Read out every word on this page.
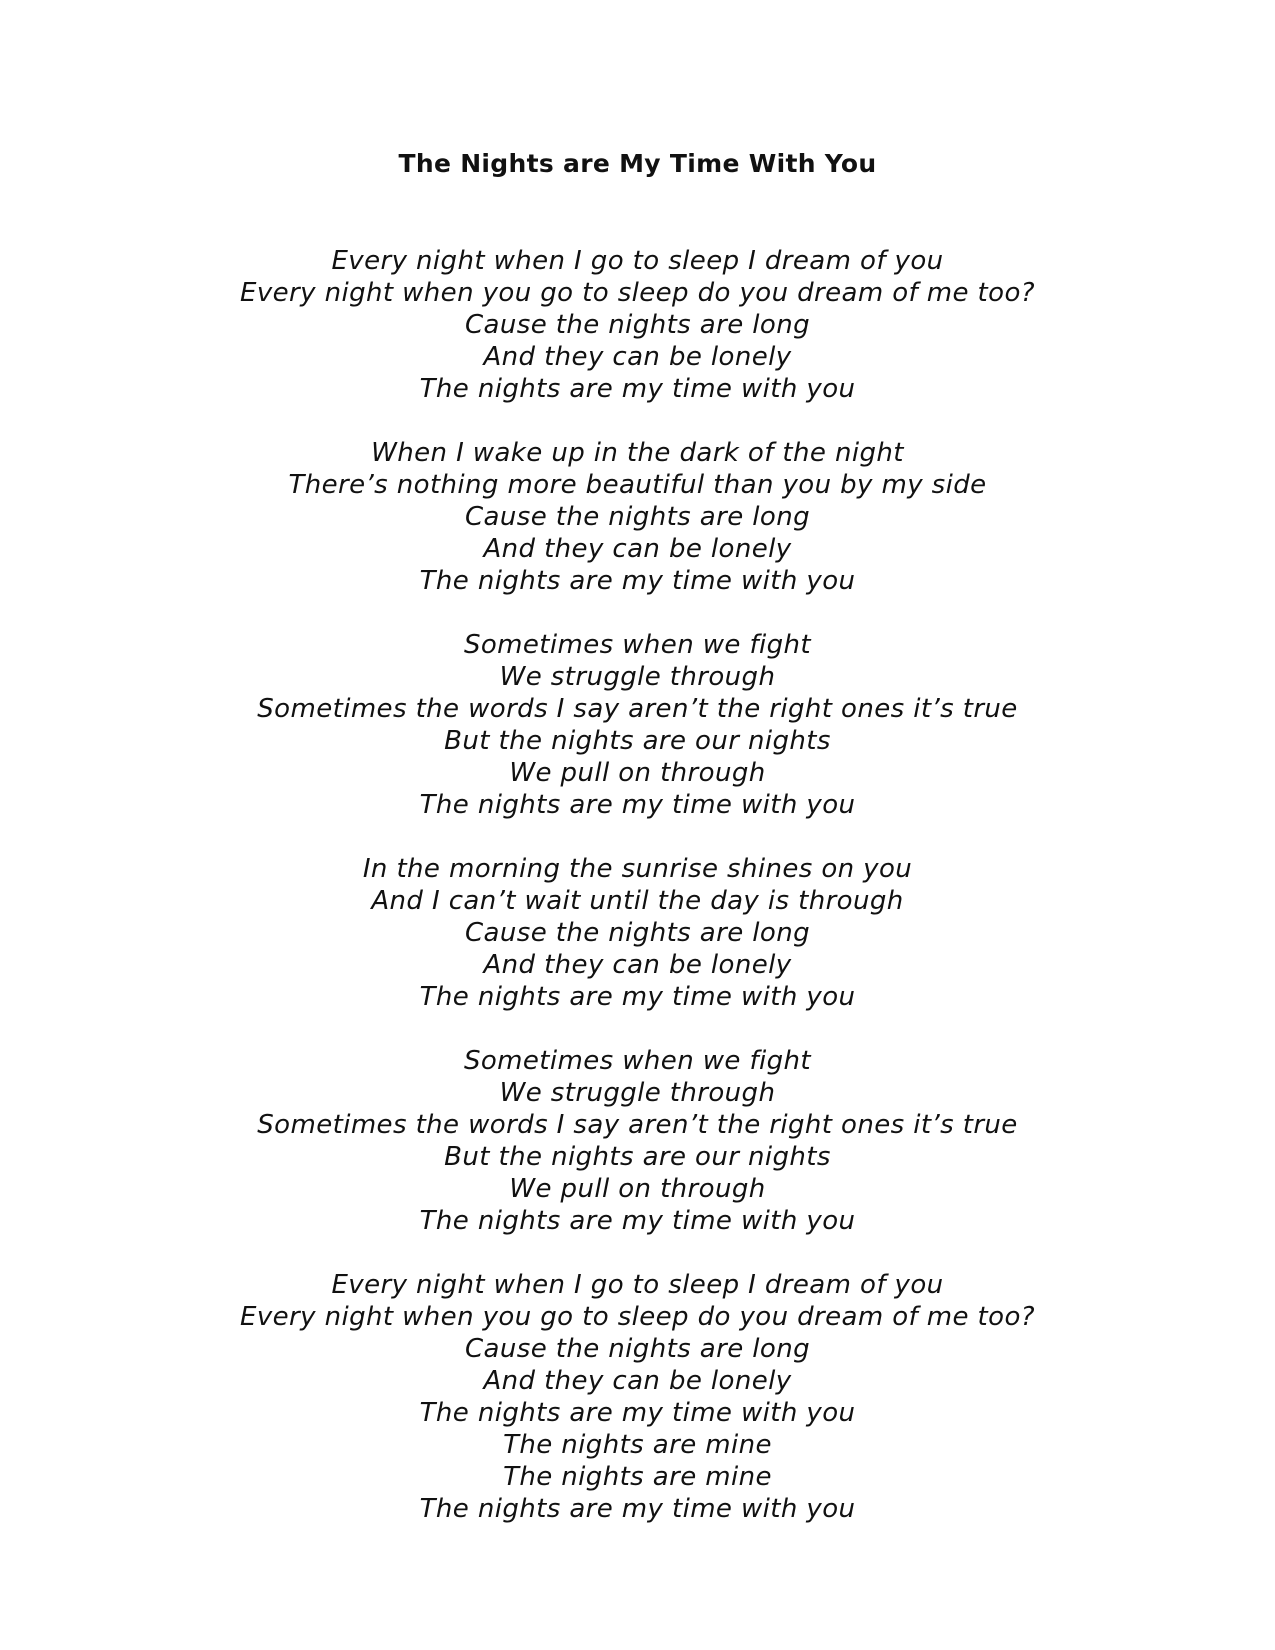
The Nights are My Time With You
Every night when I go to sleep I dream of you
Every night when you go to sleep do you dream of me too?
Cause the nights are long
And they can be lonely
The nights are my time with you
When I wake up in the dark of the night
There’s nothing more beautiful than you by my side
Cause the nights are long
And they can be lonely
The nights are my time with you
Sometimes when we fight
We struggle through
Sometimes the words I say aren’t the right ones it’s true
But the nights are our nights
We pull on through
The nights are my time with you
In the morning the sunrise shines on you
And I can’t wait until the day is through
Cause the nights are long
And they can be lonely
The nights are my time with you
Sometimes when we fight
We struggle through
Sometimes the words I say aren’t the right ones it’s true
But the nights are our nights
We pull on through
The nights are my time with you
Every night when I go to sleep I dream of you
Every night when you go to sleep do you dream of me too?
Cause the nights are long
And they can be lonely
The nights are my time with you
The nights are mine
The nights are mine
The nights are my time with you
